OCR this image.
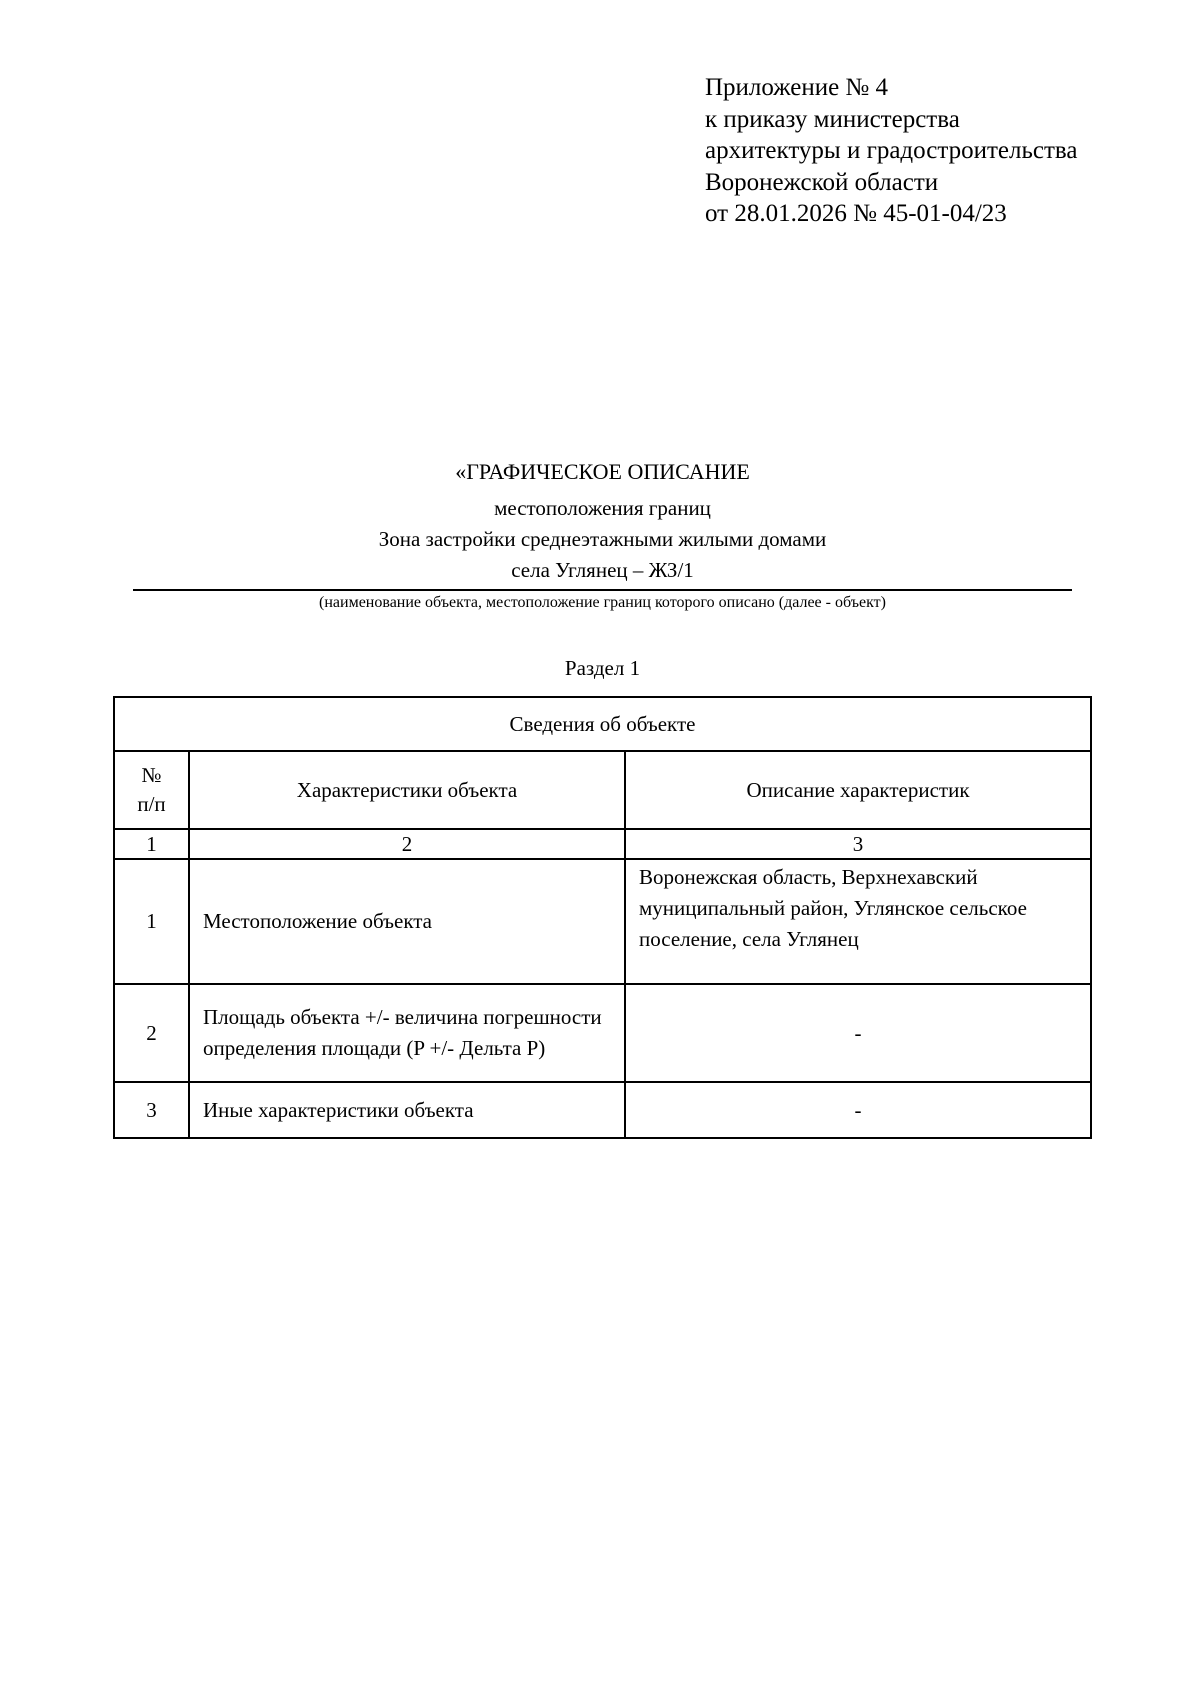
Приложение № 4
к приказу министерства
архитектуры и градостроительства
Воронежской области
от 28.01.2026 № 45-01-04/23
«ГРАФИЧЕСКОЕ ОПИСАНИЕ
местоположения границ
Зона застройки среднеэтажными жилыми домами
села Углянец – ЖЗ/1
(наименование объекта, местоположение границ которого описано (далее - объект)
Раздел 1
Сведения об объекте		

№
п/п	Характеристики объекта	Описание характеристик
1	2	3
1	Местоположение объекта	Воронежская область, Верхнехавский муниципальный район, Углянское сельское поселение, села Углянец
2	Площадь объекта +/- величина погрешности определения площади (P +/- Дельта P)	-
3	Иные характеристики объекта	-
